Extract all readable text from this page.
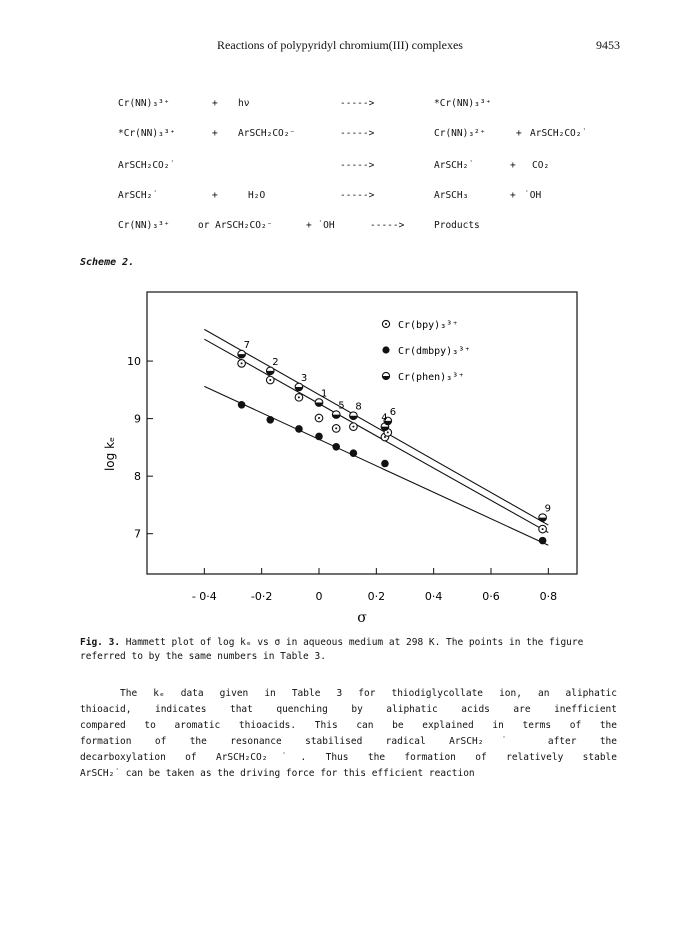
Reactions of polypyridyl chromium(III) complexes	9453
Cr(NN)₃³⁺	+ hν	----->	*Cr(NN)₃³⁺
*Cr(NN)₃³⁺	+ ArSCH₂CO₂⁻	----->	Cr(NN)₃²⁺	+ ArSCH₂CO₂˙
ArSCH₂CO₂˙	----->	ArSCH₂˙	+ CO₂
ArSCH₂˙	+	H₂O	----->	ArSCH₃	+ ˙OH
Cr(NN)₃³⁺	or ArSCH₂CO₂⁻	+ ˙OH	----->	Products
Scheme 2.
- 0·4	-0·2	0	0·2	0·4	0·6	0·8
7
8
9
10
7
2
3
1
5 8
4
6
9
Cr(bpy)₃³⁺
Cr(dmbpy)₃³⁺
Cr(phen)₃³⁺
log kₑ
σ
Fig. 3. Hammett plot of log kₑ vs σ in aqueous medium at 298 K. The points in the figure referred to by the same numbers in Table 3.
The kₑ data given in Table 3 for thiodiglycollate ion, an aliphatic
thioacid, indicates that quenching by aliphatic acids are inefficient
compared to aromatic thioacids. This can be explained in terms of the
formation of the resonance stabilised radical ArSCH₂˙ after the
decarboxylation of ArSCH₂CO₂˙. Thus the formation of relatively stable
ArSCH₂˙ can be taken as the driving force for this efficient reaction
